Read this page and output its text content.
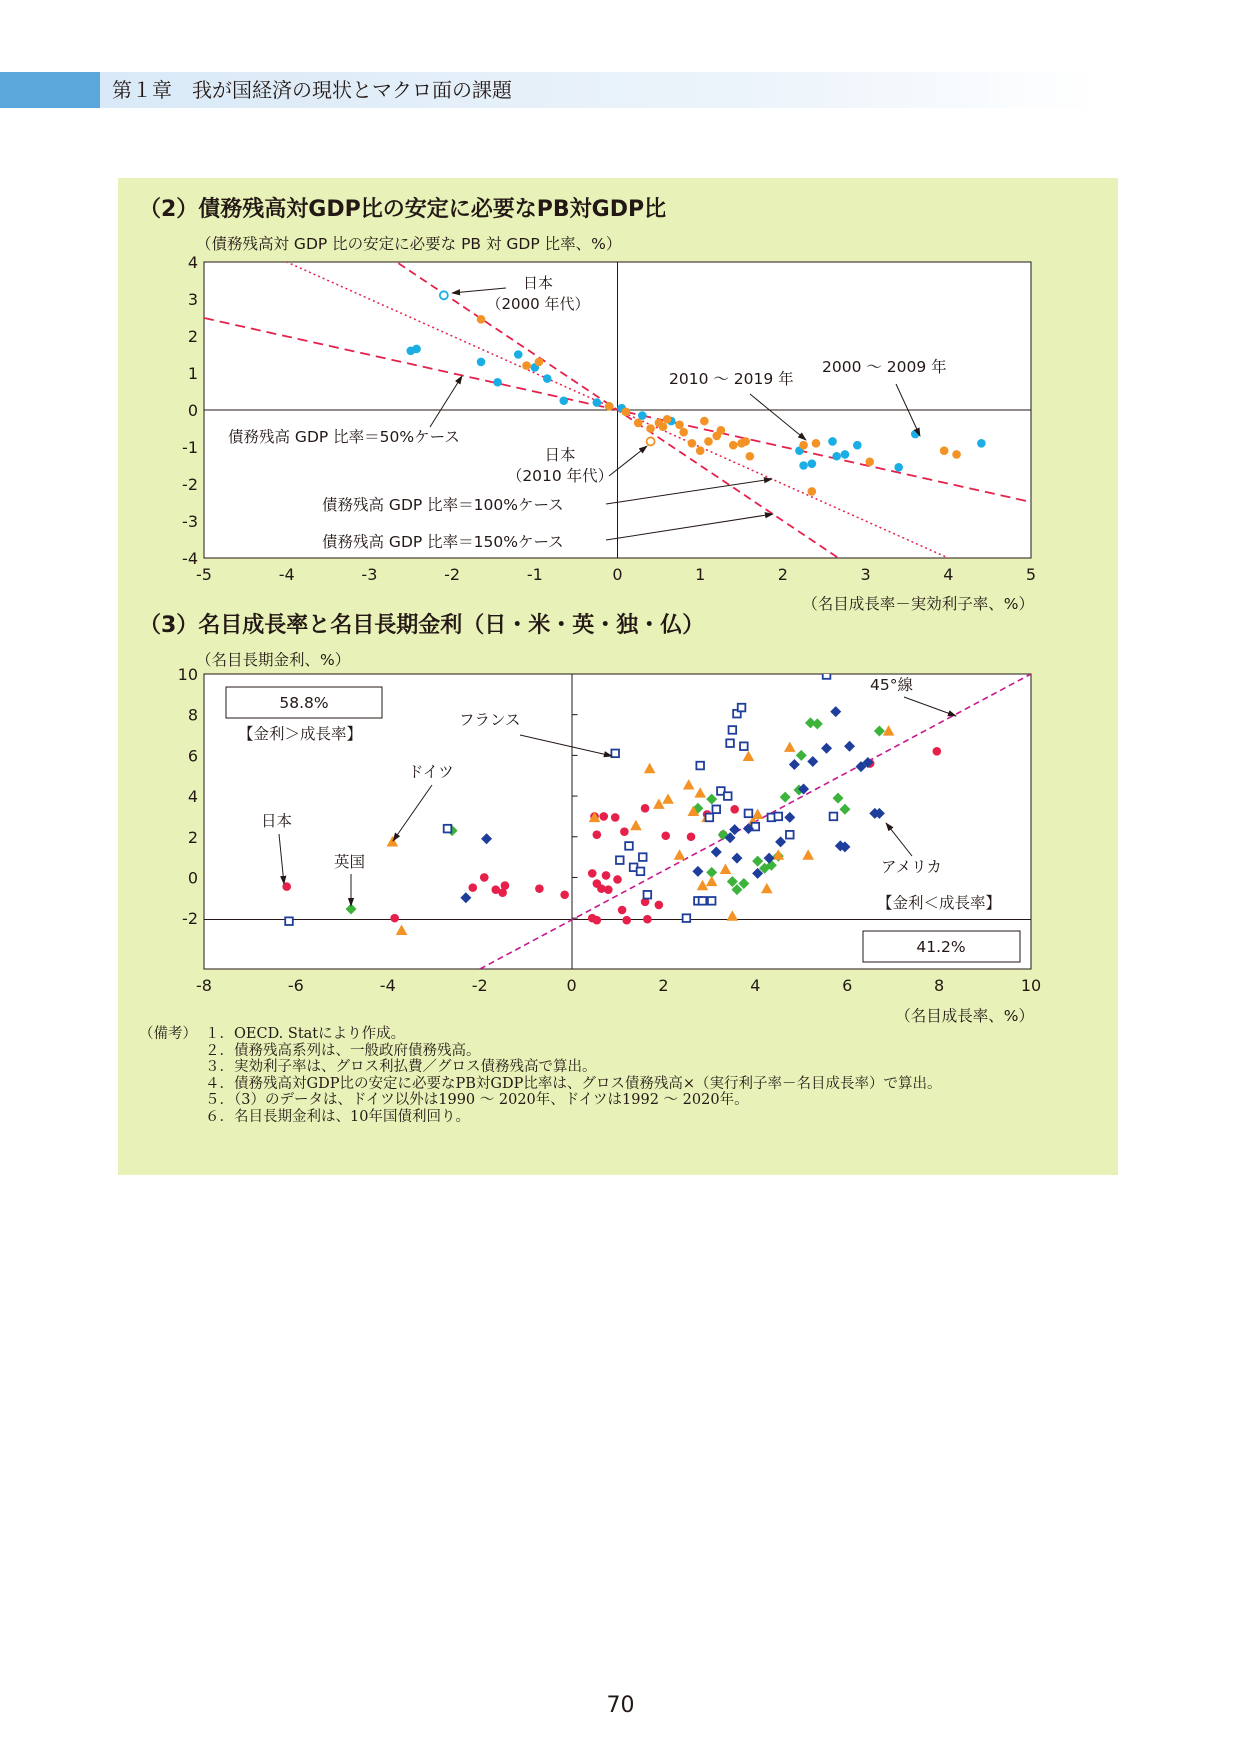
第１章　我が国経済の現状とマクロ面の課題
（2）債務残高対GDP比の安定に必要なPB対GDP比
（債務残高対 GDP 比の安定に必要な PB 対 GDP 比率、%）
（3）名目成長率と名目長期金利（日・米・英・独・仏）
（名目長期金利、%）
-5	-4	-3	-2	-1	0	1	2	3	4	5
-4
-3
-2
-1
0
1
2
3
4
日本
（2000 年代）
2010 ～ 2019 年
2000 ～ 2009 年
債務残高 GDP 比率＝50%ケース
日本
（2010 年代）
債務残高 GDP 比率＝100%ケース
債務残高 GDP 比率＝150%ケース
（名目成長率－実効利子率、%）
-8	-6	-4	-2	0	2	4	6	8	10
-2
0
2
4
6
8
10
58.8%
【金利＞成長率】
【金利＜成長率】
41.2%
日本
英国
ドイツ
フランス
45°線
アメリカ
（名目成長率、%）
（備考） １．OECD. Statにより作成。
２．債務残高系列は、一般政府債務残高。
３．実効利子率は、グロス利払費／グロス債務残高で算出。
４．債務残高対GDP比の安定に必要なPB対GDP比率は、グロス債務残高×（実行利子率－名目成長率）で算出。
５．（3）のデータは、ドイツ以外は1990 ～ 2020年、ドイツは1992 ～ 2020年。
６．名目長期金利は、10年国債利回り。
70
